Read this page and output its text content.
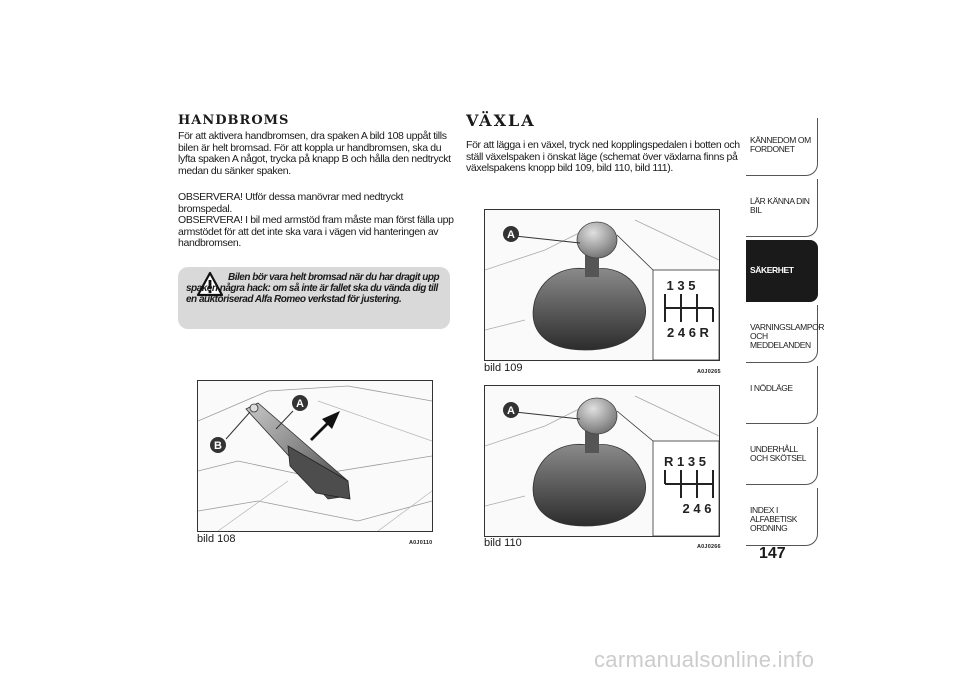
HANDBROMS

För att aktivera handbromsen, dra spaken A bild 108 uppåt tills bilen är helt bromsad. För att koppla ur handbromsen, ska du lyfta spaken A något, trycka på knapp B och hålla den nedtryckt medan du sänker spaken.

OBSERVERA! Utför dessa manövrar med nedtryckt bromspedal.

OBSERVERA! I bil med armstöd fram måste man först fälla upp armstödet för att det inte ska vara i vägen vid hanteringen av handbromsen.

Bilen bör vara helt bromsad när du har dragit upp spaken några hack: om så inte är fallet ska du vända dig till en auktoriserad Alfa Romeo verkstad för justering.

A
B
bild 108	A0J0110
VÄXLA

För att lägga i en växel, tryck ned kopplingspedalen i botten och ställ växelspaken i önskat läge (schemat över växlarna finns på växelspakens knopp bild 109, bild 110, bild 111).

1 3 5
2 4 6 R
A
bild 109	A0J0265
R 1 3 5
2 4 6
A
bild 110	A0J0266
KÄNNEDOM OM FORDONET
LÄR KÄNNA DIN BIL
SÄKERHET
VARNINGSLAMPOR OCH MEDDELANDEN
I NÖDLÄGE
UNDERHÅLL OCH SKÖTSEL
INDEX I ALFABETISK ORDNING
147
carmanualsonline.info
